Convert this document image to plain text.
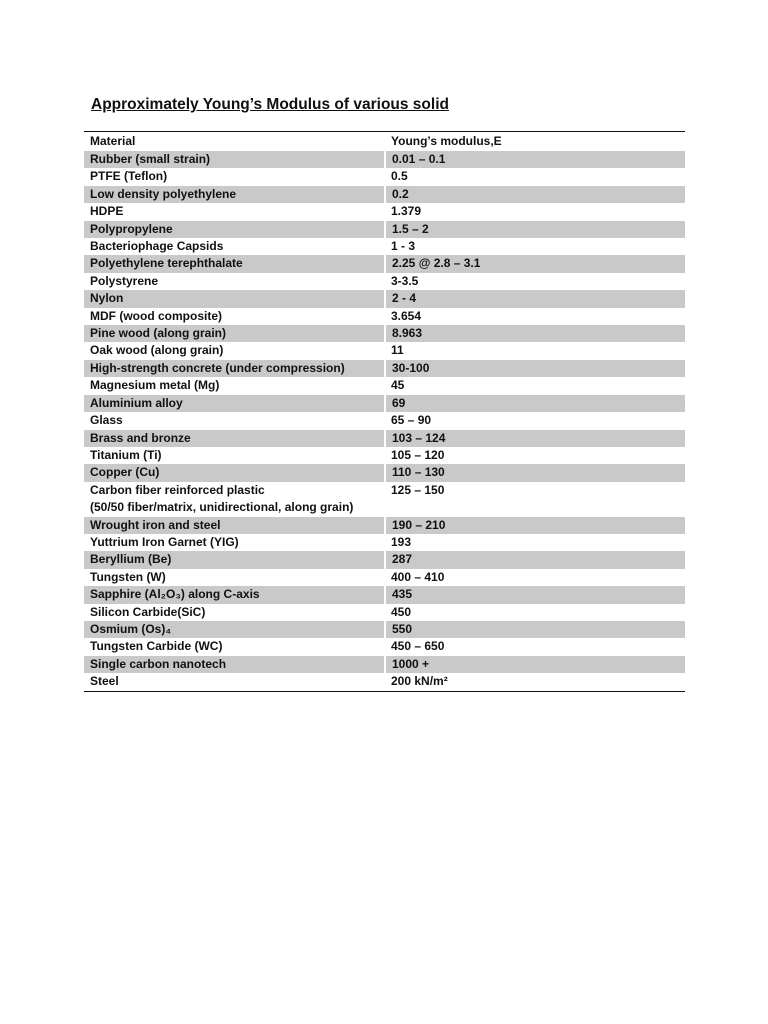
Approximately Young’s Modulus of various solid
Material	Young’s modulus,E

Rubber (small strain)	0.01 – 0.1

PTFE (Teflon)	0.5

Low density polyethylene	0.2

HDPE	1.379

Polypropylene	1.5 – 2

Bacteriophage Capsids	1 - 3

Polyethylene terephthalate	2.25 @ 2.8 – 3.1

Polystyrene	3-3.5

Nylon	2 - 4

MDF (wood composite)	3.654

Pine wood (along grain)	8.963

Oak wood (along grain)	11

High-strength concrete (under compression)	30-100

Magnesium metal (Mg)	45

Aluminium alloy	69

Glass	65 – 90

Brass and bronze	103 – 124

Titanium (Ti)	105 – 120

Copper (Cu)	110 – 130

Carbon fiber reinforced plastic
(50/50 fiber/matrix, unidirectional, along grain)	125 – 150

Wrought iron and steel	190 – 210

Yuttrium Iron Garnet (YIG)	193

Beryllium (Be)	287

Tungsten (W)	400 – 410

Sapphire (Al₂O₃) along C-axis	435

Silicon Carbide(SiC)	450

Osmium (Os)₄	550

Tungsten Carbide (WC)	450 – 650

Single carbon nanotech	1000 +

Steel	200 kN/m²
